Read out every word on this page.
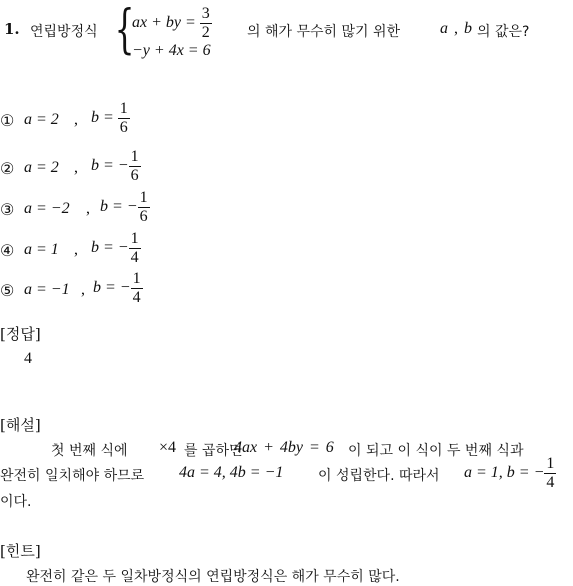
1. 연립방정식 {
ax + by = $\frac{3}{2}$
−y + 4x = 6
의 해가 무수히 많기 위한 a , b 의 값은?
① a = 2 , $b = \frac{1}{6}$
② a = 2 , b = − $\frac{1}{6}$
③ a = −2 , b = − $\frac{1}{6}$
④ a = 1 , b = − $\frac{1}{4}$
⑤ a = −1 , b = − $\frac{1}{4}$
[정답]
4
[해설]
첫 번째 식에 ×4 를 곱하면
4ax + 4by = 6 이 되고 이 식이 두 번째 식과
완전히 일치해야 하므로 4a = 4, 4b = −1 이 성립한다. 따라서 a = 1, b = − $\frac{1}{4}$
이다.
[힌트]
완전히 같은 두 일차방정식의 연립방정식은 해가 무수히 많다.
